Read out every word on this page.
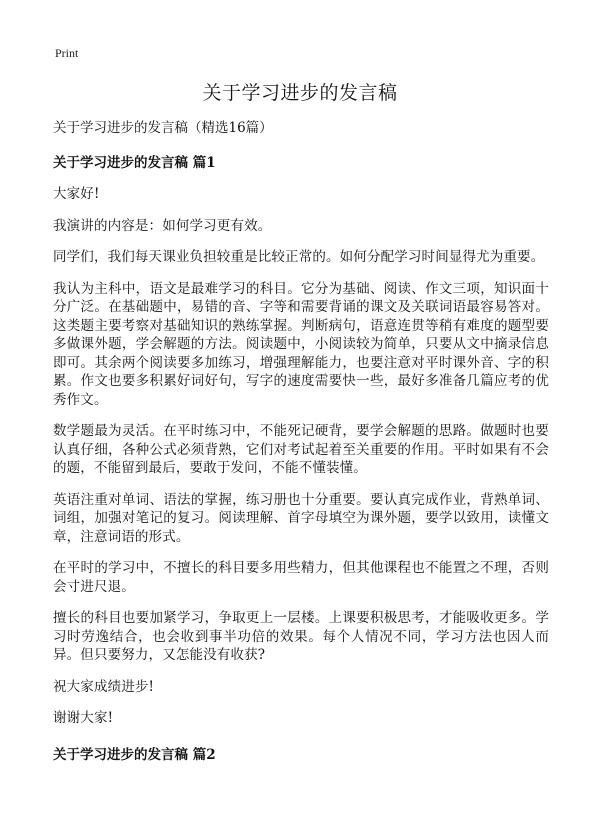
Print
关于学习进步的发言稿

关于学习进步的发言稿（精选16篇）

关于学习进步的发言稿 篇1

大家好!

我演讲的内容是：如何学习更有效。

同学们，我们每天课业负担较重是比较正常的。如何分配学习时间显得尤为重要。

我认为主科中，语文是最难学习的科目。它分为基础、阅读、作文三项，知识面十分广泛。在基础题中，易错的音、字等和需要背诵的课文及关联词语最容易答对。这类题主要考察对基础知识的熟练掌握。判断病句，语意连贯等稍有难度的题型要多做课外题，学会解题的方法。阅读题中，小阅读较为简单，只要从文中摘录信息即可。其余两个阅读要多加练习，增强理解能力，也要注意对平时课外音、字的积累。作文也要多积累好词好句，写字的速度需要快一些，最好多准备几篇应考的优秀作文。

数学题最为灵活。在平时练习中，不能死记硬背，要学会解题的思路。做题时也要认真仔细，各种公式必须背熟，它们对考试起着至关重要的作用。平时如果有不会的题，不能留到最后，要敢于发问，不能不懂装懂。

英语注重对单词、语法的掌握，练习册也十分重要。要认真完成作业，背熟单词、词组，加强对笔记的复习。阅读理解、首字母填空为课外题，要学以致用，读懂文章，注意词语的形式。

在平时的学习中，不擅长的科目要多用些精力，但其他课程也不能置之不理，否则会寸进尺退。

擅长的科目也要加紧学习，争取更上一层楼。上课要积极思考，才能吸收更多。学习时劳逸结合，也会收到事半功倍的效果。每个人情况不同，学习方法也因人而异。但只要努力，又怎能没有收获?

祝大家成绩进步!

谢谢大家!

关于学习进步的发言稿 篇2
